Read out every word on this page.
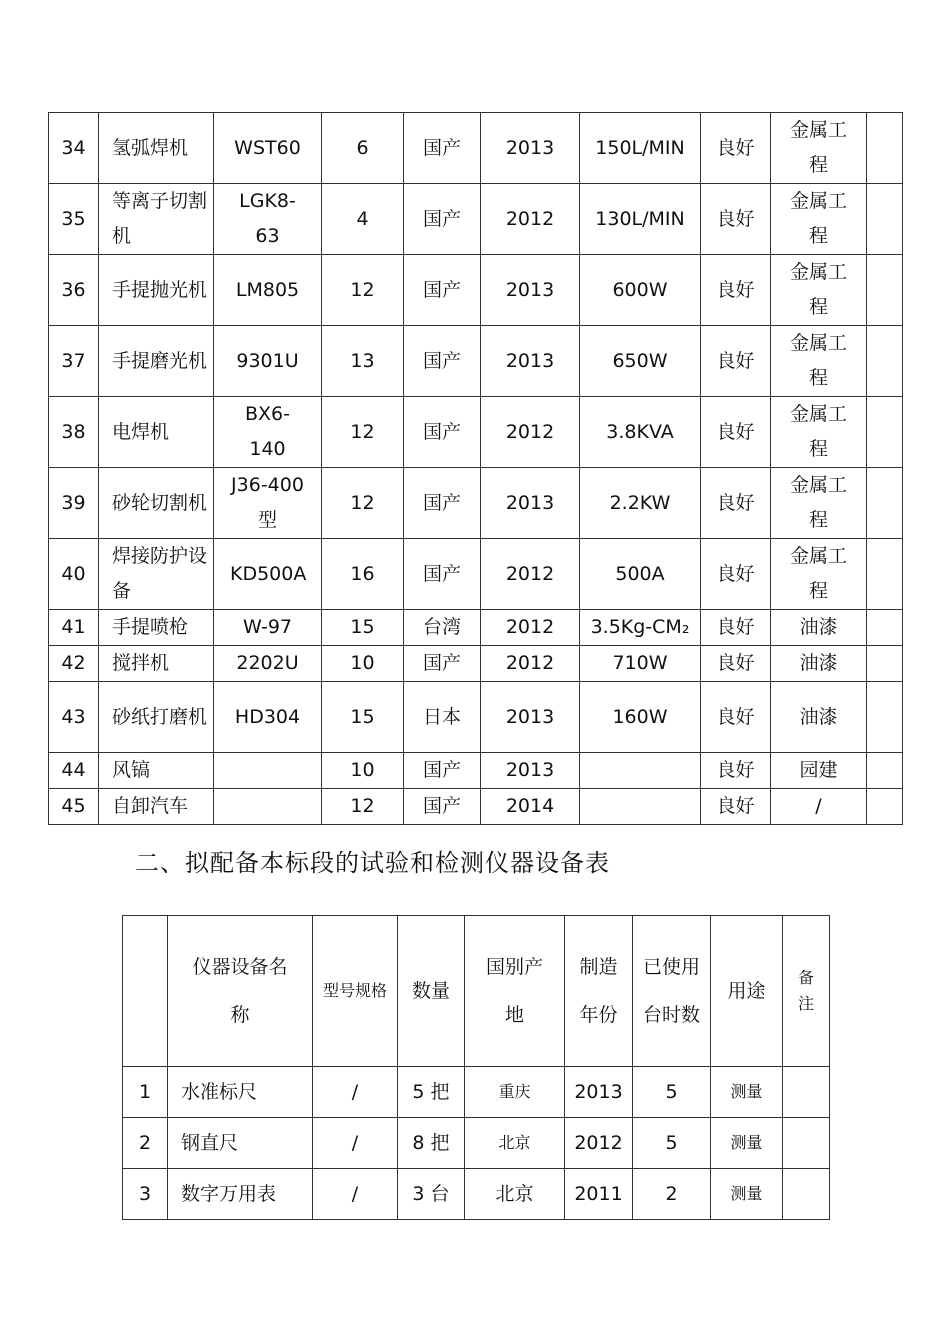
34	氢弧焊机	WST60	6	国产	2013	150L/MIN	良好	金属工程	
35	等离子切割机	LGK8-63	4	国产	2012	130L/MIN	良好	金属工程	
36	手提抛光机	LM805	12	国产	2013	600W	良好	金属工程	
37	手提磨光机	9301U	13	国产	2013	650W	良好	金属工程	
38	电焊机	BX6-140	12	国产	2012	3.8KVA	良好	金属工程	
39	砂轮切割机	J36-400型	12	国产	2013	2.2KW	良好	金属工程	
40	焊接防护设备	KD500A	16	国产	2012	500A	良好	金属工程	
41	手提喷枪	W-97	15	台湾	2012	3.5Kg-CM₂	良好	油漆	
42	搅拌机	2202U	10	国产	2012	710W	良好	油漆	
43	砂纸打磨机	HD304	15	日本	2013	160W	良好	油漆	
44	风镐		10	国产	2013		良好	园建	
45	自卸汽车		12	国产	2014		良好	/	
二、拟配备本标段的试验和检测仪器设备表
	仪器设备名称	型号规格	数量	国别产地	制造年份	已使用台时数	用途	备注
1	水准标尺	/	5 把	重庆	2013	5	测量	
2	钢直尺	/	8 把	北京	2012	5	测量	
3	数字万用表	/	3 台	北京	2011	2	测量	
